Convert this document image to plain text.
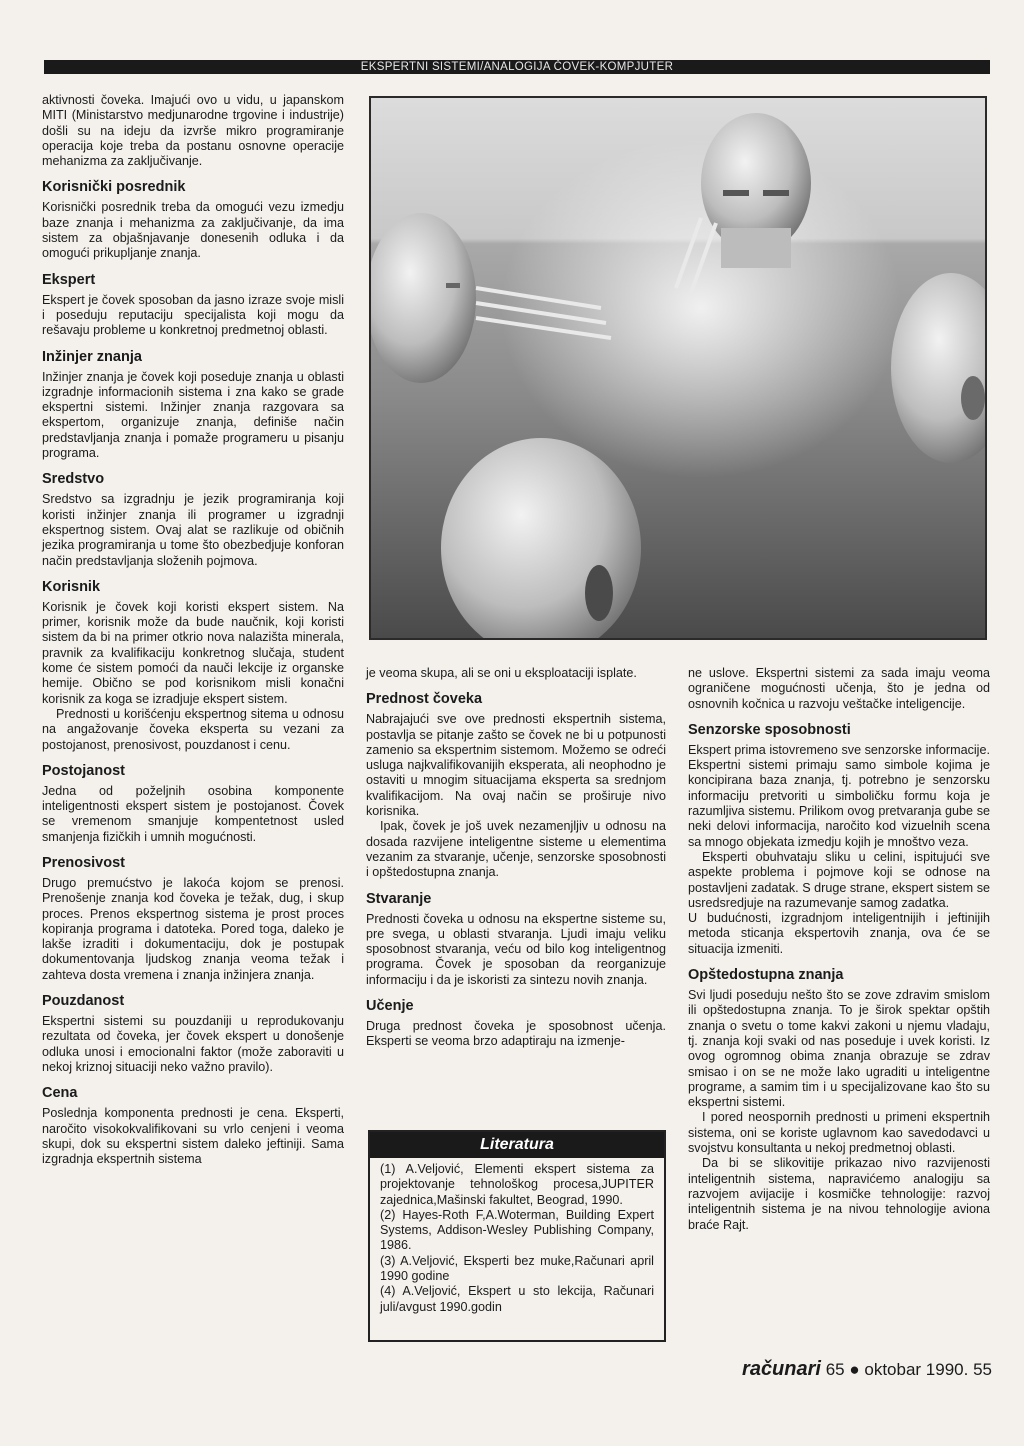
EKSPERTNI SISTEMI/ANALOGIJA ČOVEK-KOMPJUTER

aktivnosti čoveka. Imajući ovo u vidu, u japanskom MITI (Ministarstvo medjunarodne trgovine i industrije) došli su na ideju da izvrše mikro programiranje operacija koje treba da postanu osnovne operacije mehanizma za zaključivanje.

Korisnički posrednik

Korisnički posrednik treba da omogući vezu izmedju baze znanja i mehanizma za zaključivanje, da ima sistem za objašnjavanje donesenih odluka i da omogući prikupljanje znanja.

Ekspert

Ekspert je čovek sposoban da jasno izraze svoje misli i poseduju reputaciju specijalista koji mogu da rešavaju probleme u konkretnoj predmetnoj oblasti.

Inžinjer znanja

Inžinjer znanja je čovek koji poseduje znanja u oblasti izgradnje informacionih sistema i zna kako se grade ekspertni sistemi. Inžinjer znanja razgovara sa ekspertom, organizuje znanja, definiše način predstavljanja znanja i pomaže programeru u pisanju programa.

Sredstvo

Sredstvo sa izgradnju je jezik programiranja koji koristi inžinjer znanja ili programer u izgradnji ekspertnog sistem. Ovaj alat se razlikuje od običnih jezika programiranja u tome što obezbedjuje konforan način predstavljanja složenih pojmova.

Korisnik

Korisnik je čovek koji koristi ekspert sistem. Na primer, korisnik može da bude naučnik, koji koristi sistem da bi na primer otkrio nova nalazišta minerala, pravnik za kvalifikaciju konkretnog slučaja, student kome će sistem pomoći da nauči lekcije iz organske hemije. Obično se pod korisnikom misli konačni korisnik za koga se izradjuje ekspert sistem.

Prednosti u korišćenju ekspertnog sitema u odnosu na angažovanje čoveka eksperta su vezani za postojanost, prenosivost, pouzdanost i cenu.

Postojanost

Jedna od poželjnih osobina komponente inteligentnosti ekspert sistem je postojanost. Čovek se vremenom smanjuje kompentetnost usled smanjenja fizičkih i umnih mogućnosti.

Prenosivost

Drugo premućstvo je lakoća kojom se prenosi. Prenošenje znanja kod čoveka je težak, dug, i skup proces. Prenos ekspertnog sistema je prost proces kopiranja programa i datoteka. Pored toga, daleko je lakše izraditi i dokumentaciju, dok je postupak dokumentovanja ljudskog znanja veoma težak i zahteva dosta vremena i znanja inžinjera znanja.

Pouzdanost

Ekspertni sistemi su pouzdaniji u reprodukovanju rezultata od čoveka, jer čovek ekspert u donošenje odluka unosi i emocionalni faktor (može zaboraviti u nekoj kriznoj situaciji neko važno pravilo).

Cena

Poslednja komponenta prednosti je cena. Eksperti, naročito visokokvalifikovani su vrlo cenjeni i veoma skupi, dok su ekspertni sistem daleko jeftiniji. Sama izgradnja ekspertnih sistema

je veoma skupa, ali se oni u eksploataciji isplate.

Prednost čoveka

Nabrajajući sve ove prednosti ekspertnih sistema, postavlja se pitanje zašto se čovek ne bi u potpunosti zamenio sa ekspertnim sistemom. Možemo se odreći usluga najkvalifikovanijih eksperata, ali neophodno je ostaviti u mnogim situacijama eksperta sa srednjom kvalifikacijom. Na ovaj način se proširuje nivo korisnika.

Ipak, čovek je još uvek nezamenjljiv u odnosu na dosada razvijene inteligentne sisteme u elementima vezanim za stvaranje, učenje, senzorske sposobnosti i opštedostupna znanja.

Stvaranje

Prednosti čoveka u odnosu na ekspertne sisteme su, pre svega, u oblasti stvaranja. Ljudi imaju veliku sposobnost stvaranja, veću od bilo kog inteligentnog programa. Čovek je sposoban da reorganizuje informaciju i da je iskoristi za sintezu novih znanja.

Učenje

Druga prednost čoveka je sposobnost učenja. Eksperti se veoma brzo adaptiraju na izmenje-

Literatura

(1) A.Veljović, Elementi ekspert sistema za projektovanje tehnološkog procesa,JUPITER zajednica,Mašinski fakultet, Beograd, 1990.

(2) Hayes-Roth F,A.Woterman, Building Expert Systems, Addison-Wesley Publishing Company, 1986.

(3) A.Veljović, Eksperti bez muke,Računari april 1990 godine

(4) A.Veljović, Ekspert u sto lekcija, Računari juli/avgust 1990.godin

ne uslove. Ekspertni sistemi za sada imaju veoma ograničene mogućnosti učenja, što je jedna od osnovnih kočnica u razvoju veštačke inteligencije.

Senzorske sposobnosti

Ekspert prima istovremeno sve senzorske informacije. Ekspertni sistemi primaju samo simbole kojima je koncipirana baza znanja, tj. potrebno je senzorsku informaciju pretvoriti u simboličku formu koja je razumljiva sistemu. Prilikom ovog pretvaranja gube se neki delovi informacija, naročito kod vizuelnih scena sa mnogo objekata izmedju kojih je mnoštvo veza.

Eksperti obuhvataju sliku u celini, ispitujući sve aspekte problema i pojmove koji se odnose na postavljeni zadatak. S druge strane, ekspert sistem se usredsredjuje na razumevanje samog zadatka.

U budućnosti, izgradnjom inteligentnijih i jeftinijih metoda sticanja ekspertovih znanja, ova će se situacija izmeniti.

Opštedostupna znanja

Svi ljudi poseduju nešto što se zove zdravim smislom ili opštedostupna znanja. To je širok spektar opštih znanja o svetu o tome kakvi zakoni u njemu vladaju, tj. znanja koji svaki od nas poseduje i uvek koristi. Iz ovog ogromnog obima znanja obrazuje se zdrav smisao i on se ne može lako ugraditi u inteligentne programe, a samim tim i u specijalizovane kao što su ekspertni sistemi.

I pored neospornih prednosti u primeni ekspertnih sistema, oni se koriste uglavnom kao savedodavci u svojstvu konsultanta u nekoj predmetnoj oblasti.

Da bi se slikovitije prikazao nivo razvijenosti inteligentnih sistema, napravićemo analogiju sa razvojem avijacije i kosmičke tehnologije: razvoj inteligentnih sistema je na nivou tehnologije aviona braće Rajt.

računari 65 ● oktobar 1990. 55
